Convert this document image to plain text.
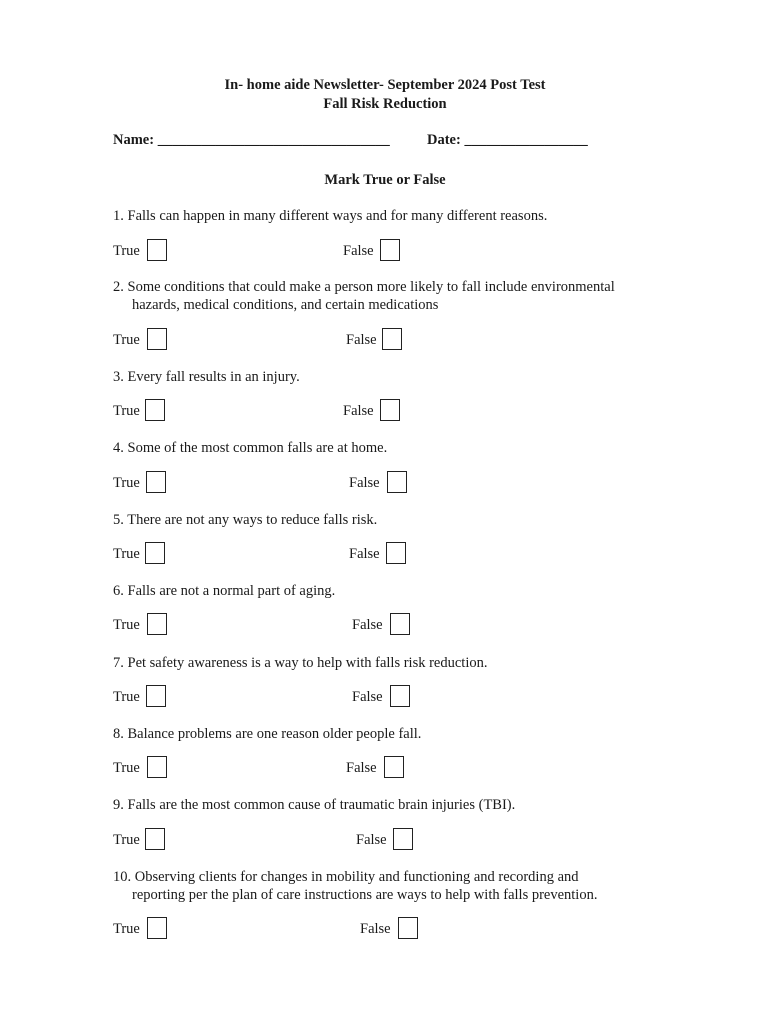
In- home aide Newsletter- September 2024 Post Test
Fall Risk Reduction
Name: ________________________________	Date: _________________
Mark True or False
1. Falls can happen in many different ways and for many different reasons.
True	False
2. Some conditions that could make a person more likely to fall include environmental
hazards, medical conditions, and certain medications
True	False
3. Every fall results in an injury.
True	False
4. Some of the most common falls are at home.
True	False
5. There are not any ways to reduce falls risk.
True	False
6. Falls are not a normal part of aging.
True	False
7. Pet safety awareness is a way to help with falls risk reduction.
True	False
8. Balance problems are one reason older people fall.
True	False
9. Falls are the most common cause of traumatic brain injuries (TBI).
True	False
10. Observing clients for changes in mobility and functioning and recording and
reporting per the plan of care instructions are ways to help with falls prevention.
True	False
